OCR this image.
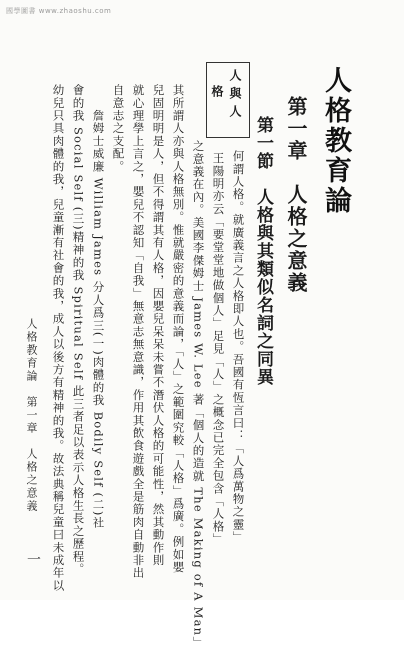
國學圖書 www.zhaoshu.com
人格教育論
第一章　人格之意義
第一節　人格與其類似名詞之同異
人與人
格
何謂人格。就廣義言之人格即人也。吾國有恆言曰：「人爲萬物之靈」
王陽明亦云「要堂堂地做個人」足見「人」之概念已完全包含「人格」
之意義在內。美國李傑姆士 James W. Lee 著「個人的造就 The Making of A Man」
其所謂人亦與人格無別。惟就嚴密的意義而論，「人」之範圍究較「人格」爲廣。例如嬰
兒固明明是人，但不得謂其有人格，因嬰兒呆呆未嘗不潛伏人格的可能性，然其動作則
就心理學上言之，嬰兒不認知「自我」無意志無意識，作用其飲食遊戲全是筋肉自動非出
自意志之支配。
　　詹姆士威廉 William James 分人爲三(一)肉體的我 Bodily Self (二)社
會的我 Social Self (三)精神的我 Spiritual Self 此三者足以表示人格生長之歷程。
幼兒只具肉體的我，兒童漸有社會的我，成人以後方有精神的我。故法典稱兒童曰未成年以
人格教育論　第一章　人格之意義
一
